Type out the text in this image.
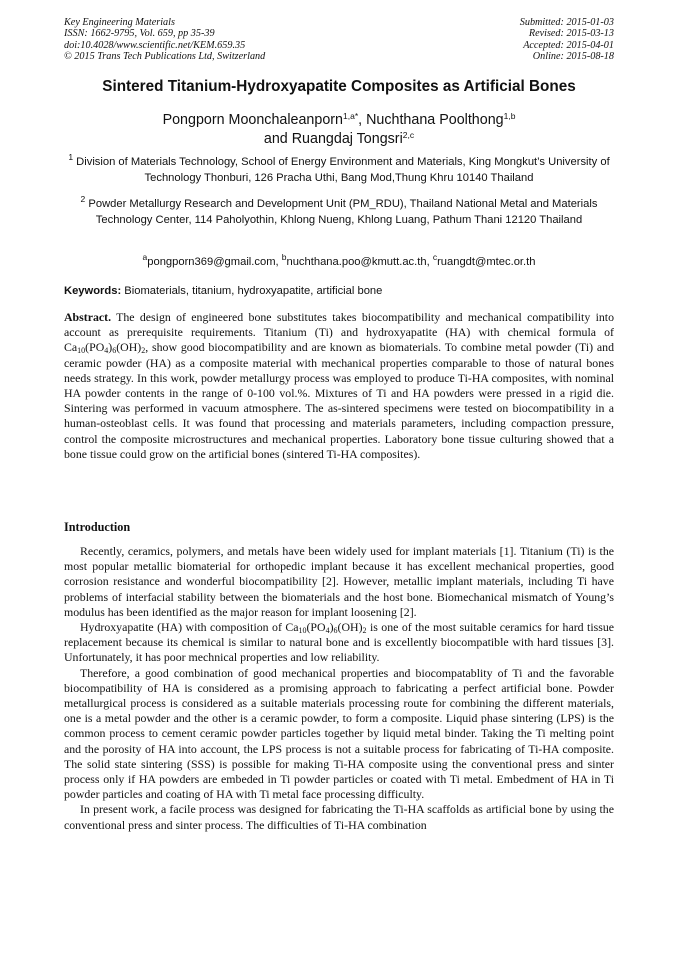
Key Engineering Materials
ISSN: 1662-9795, Vol. 659, pp 35-39
doi:10.4028/www.scientific.net/KEM.659.35
© 2015 Trans Tech Publications Ltd, Switzerland
Submitted: 2015-01-03
Revised: 2015-03-13
Accepted: 2015-04-01
Online: 2015-08-18
Sintered Titanium-Hydroxyapatite Composites as Artificial Bones
Pongporn Moonchaleanporn$^{1,a*}$, Nuchthana Poolthong$^{1,b}$
and Ruangdaj Tongsri$^{2,c}$
$^1$ Division of Materials Technology, School of Energy Environment and Materials, King Mongkut’s University of Technology Thonburi, 126 Pracha Uthi, Bang Mod,Thung Khru 10140 Thailand
$^2$ Powder Metallurgy Research and Development Unit (PM_RDU), Thailand National Metal and Materials Technology Center, 114 Paholyothin, Khlong Nueng, Khlong Luang, Pathum Thani 12120 Thailand
$^a$pongporn369@gmail.com, $^b$nuchthana.poo@kmutt.ac.th, $^c$ruangdt@mtec.or.th
Keywords: Biomaterials, titanium, hydroxyapatite, artificial bone
Abstract. The design of engineered bone substitutes takes biocompatibility and mechanical compatibility into account as prerequisite requirements. Titanium (Ti) and hydroxyapatite (HA) with chemical formula of $Ca_{10}(PO_4)_6(OH)_2$, show good biocompatibility and are known as biomaterials. To combine metal powder (Ti) and ceramic powder (HA) as a composite material with mechanical properties comparable to those of natural bones needs strategy. In this work, powder metallurgy process was employed to produce Ti-HA composites, with nominal HA powder contents in the range of 0-100 vol.%. Mixtures of Ti and HA powders were pressed in a rigid die. Sintering was performed in vacuum atmosphere. The as-sintered specimens were tested on biocompatibility in a human-osteoblast cells. It was found that processing and materials parameters, including compaction pressure, control the composite microstructures and mechanical properties. Laboratory bone tissue culturing showed that a bone tissue could grow on the artificial bones (sintered Ti-HA composites).
Introduction

Recently, ceramics, polymers, and metals have been widely used for implant materials [1]. Titanium (Ti) is the most popular metallic biomaterial for orthopedic implant because it has excellent mechanical properties, good corrosion resistance and wonderful biocompatibility [2]. However, metallic implant materials, including Ti have problems of interfacial stability between the biomaterials and the host bone. Biomechanical mismatch of Young’s modulus has been identified as the major reason for implant loosening [2].

Hydroxyapatite (HA) with composition of $Ca_{10}(PO_4)_6(OH)_2$ is one of the most suitable ceramics for hard tissue replacement because its chemical is similar to natural bone and is excellently biocompatible with hard tissues [3]. Unfortunately, it has poor mechnical properties and low reliability.

Therefore, a good combination of good mechanical properties and biocompatablity of Ti and the favorable biocompatibility of HA is considered as a promising approach to fabricating a perfect artificial bone. Powder metallurgical process is considered as a suitable materials processing route for combining the different materials, one is a metal powder and the other is a ceramic powder, to form a composite. Liquid phase sintering (LPS) is the common process to cement ceramic powder particles together by liquid metal binder. Taking the Ti melting point and the porosity of HA into account, the LPS process is not a suitable process for fabricating of Ti-HA composite. The solid state sintering (SSS) is possible for making Ti-HA composite using the conventional press and sinter process only if HA powders are embeded in Ti powder particles or coated with Ti metal. Embedment of HA in Ti powder particles and coating of HA with Ti metal face processing difficulty.

In present work, a facile process was designed for fabricating the Ti-HA scaffolds as artificial bone by using the conventional press and sinter process. The difficulties of Ti-HA combination
